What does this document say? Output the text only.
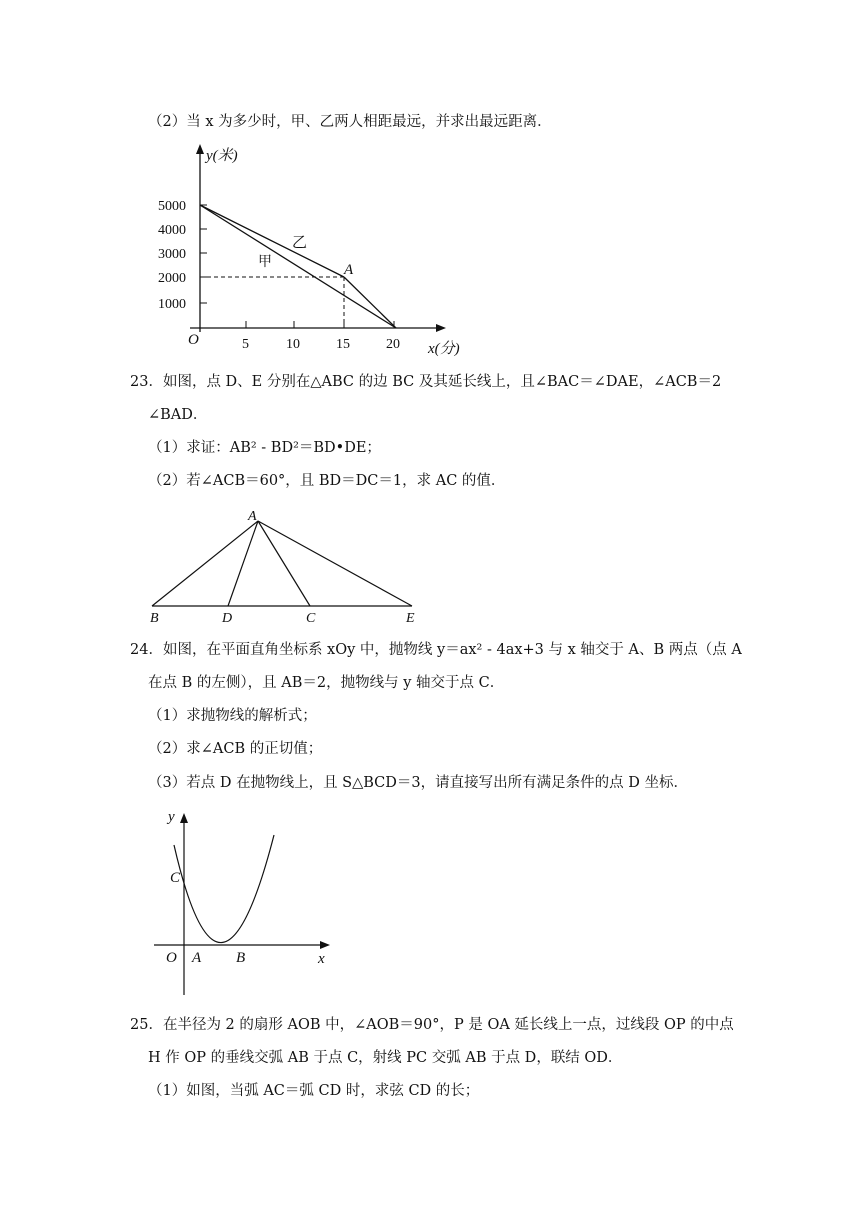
（2）当 x 为多少时，甲、乙两人相距最远，并求出最远距离．
y(米)
x(分)
O
5000
4000
3000
2000
1000
5	10	15	20
乙
甲	A
23．如图，点 D、E 分别在△ABC 的边 BC 及其延长线上，且∠BAC＝∠DAE，∠ACB＝2
∠BAD．
（1）求证：AB² - BD²＝BD•DE；
（2）若∠ACB＝60°，且 BD＝DC＝1，求 AC 的值．
A
B	D	C	E
24．如图，在平面直角坐标系 xOy 中，抛物线 y＝ax² - 4ax+3 与 x 轴交于 A、B 两点（点 A
在点 B 的左侧），且 AB＝2，抛物线与 y 轴交于点 C．
（1）求抛物线的解析式；
（2）求∠ACB 的正切值；
（3）若点 D 在抛物线上，且 S△BCD＝3，请直接写出所有满足条件的点 D 坐标．
y
x
O A B
C
25．在半径为 2 的扇形 AOB 中，∠AOB＝90°，P 是 OA 延长线上一点，过线段 OP 的中点
H 作 OP 的垂线交弧 AB 于点 C，射线 PC 交弧 AB 于点 D，联结 OD．
（1）如图，当弧 AC＝弧 CD 时，求弦 CD 的长；
